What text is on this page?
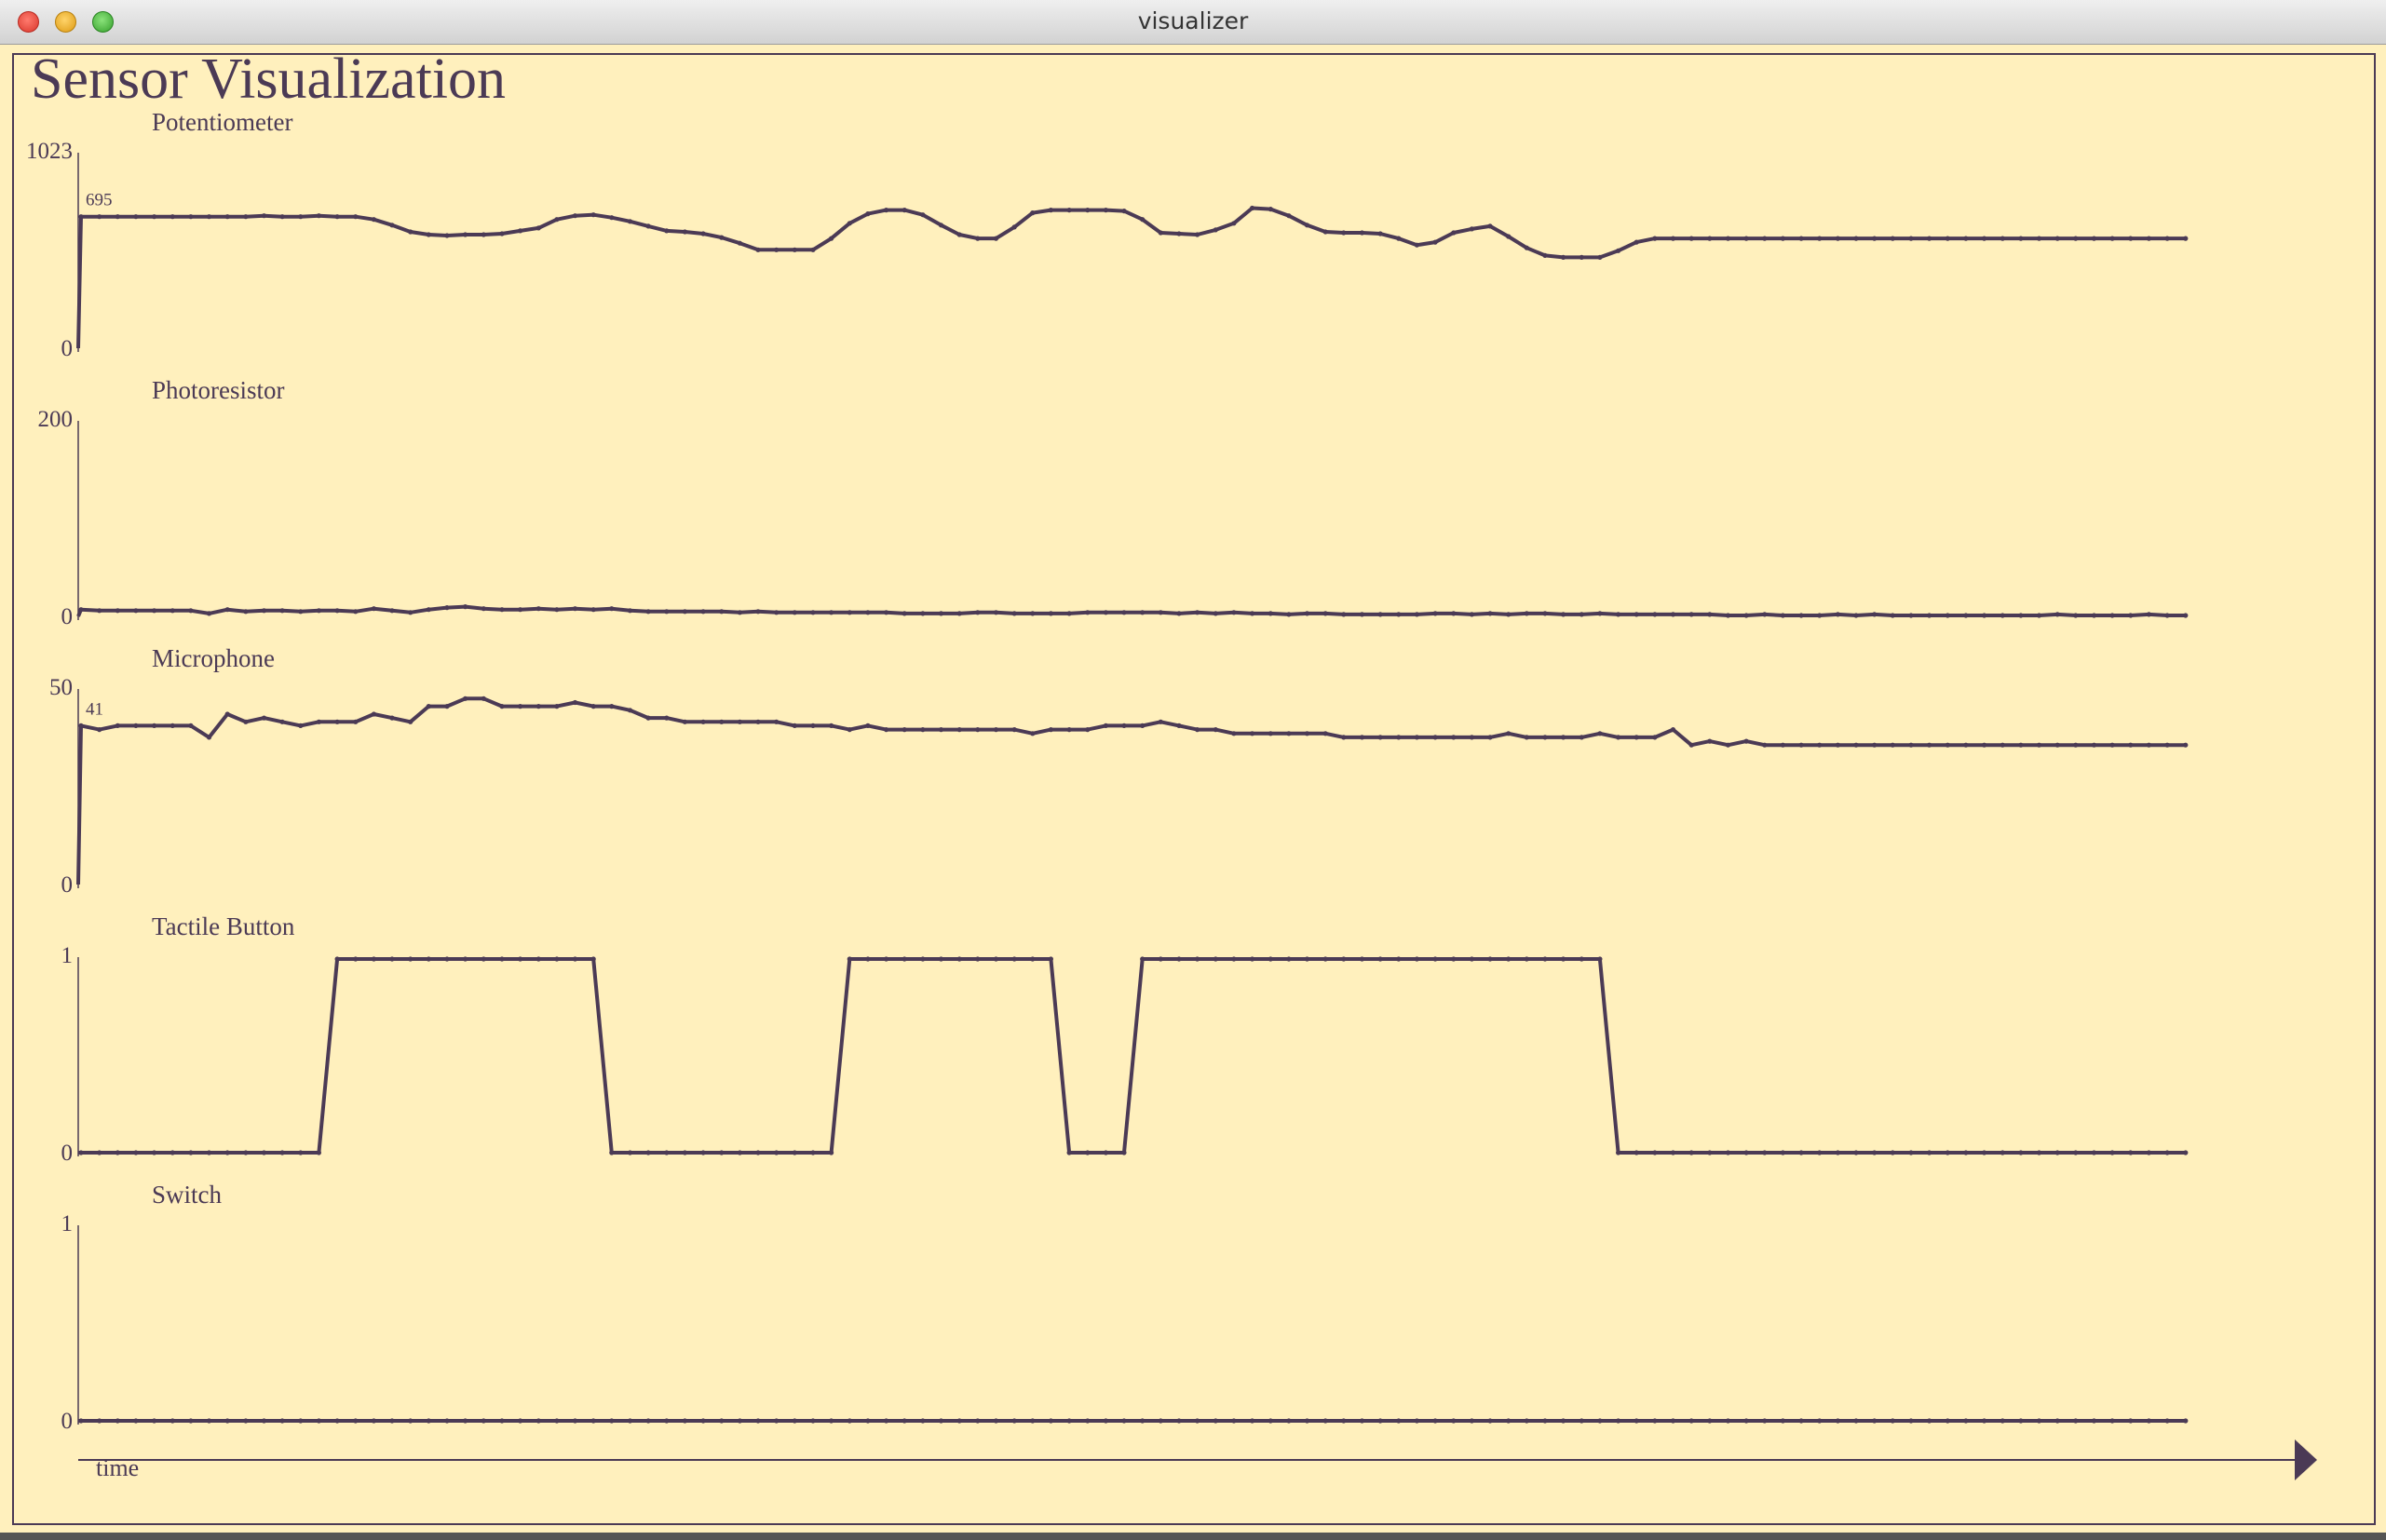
visualizer
Sensor Visualization
Potentiometer
1023
0
695
Photoresistor
200
0
Microphone
50
0
41
Tactile Button
1
0
Switch
1
0
time
